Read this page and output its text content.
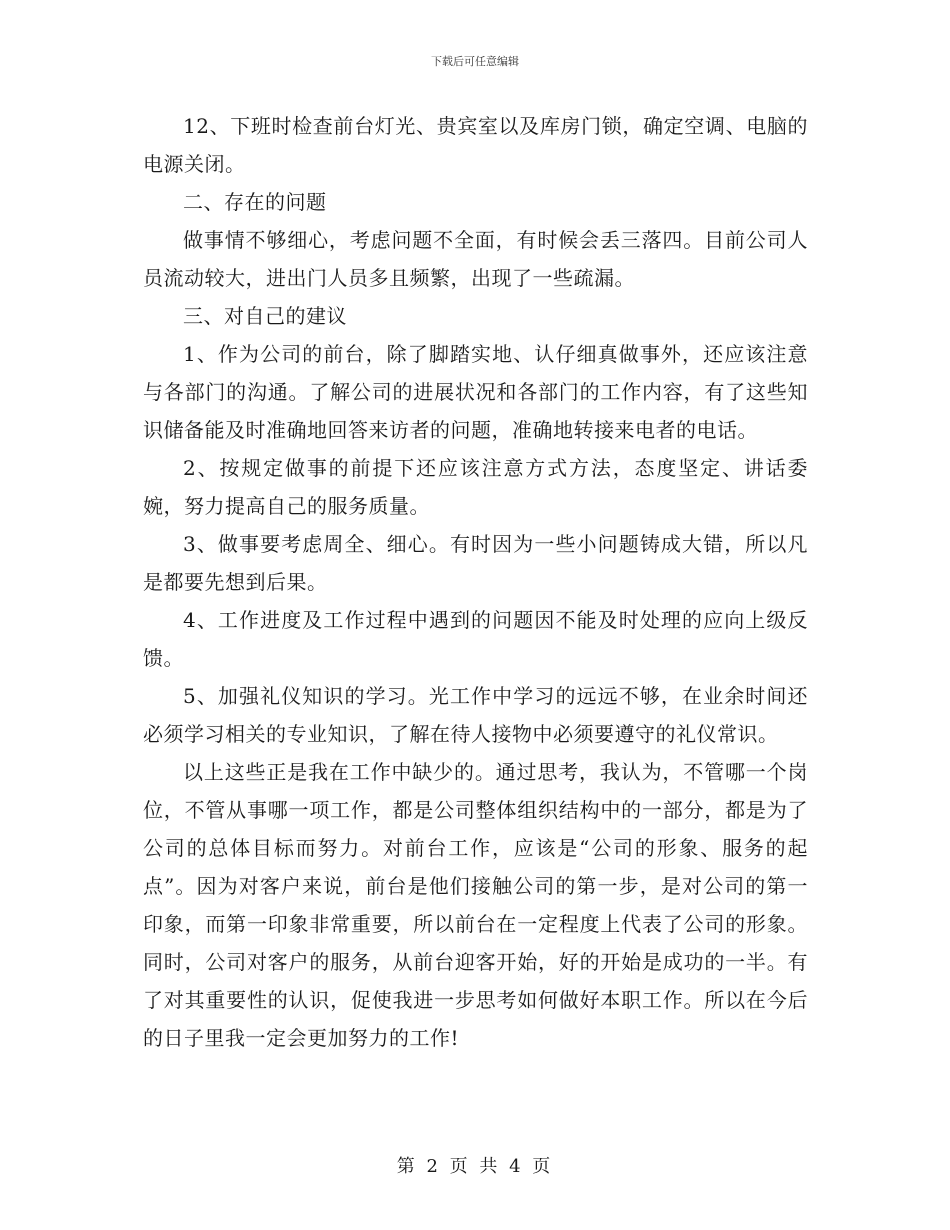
下载后可任意编辑

12、下班时检查前台灯光、贵宾室以及库房门锁，确定空调、电脑的电源关闭。

二、存在的问题

做事情不够细心，考虑问题不全面，有时候会丢三落四。目前公司人员流动较大，进出门人员多且频繁，出现了一些疏漏。

三、对自己的建议

1、作为公司的前台，除了脚踏实地、认仔细真做事外，还应该注意与各部门的沟通。了解公司的进展状况和各部门的工作内容，有了这些知识储备能及时准确地回答来访者的问题，准确地转接来电者的电话。

2、按规定做事的前提下还应该注意方式方法，态度坚定、讲话委婉，努力提高自己的服务质量。

3、做事要考虑周全、细心。有时因为一些小问题铸成大错，所以凡是都要先想到后果。

4、工作进度及工作过程中遇到的问题因不能及时处理的应向上级反馈。

5、加强礼仪知识的学习。光工作中学习的远远不够，在业余时间还必须学习相关的专业知识，了解在待人接物中必须要遵守的礼仪常识。

以上这些正是我在工作中缺少的。通过思考，我认为，不管哪一个岗位，不管从事哪一项工作，都是公司整体组织结构中的一部分，都是为了公司的总体目标而努力。对前台工作，应该是“公司的形象、服务的起点”。因为对客户来说，前台是他们接触公司的第一步，是对公司的第一印象，而第一印象非常重要，所以前台在一定程度上代表了公司的形象。同时，公司对客户的服务，从前台迎客开始，好的开始是成功的一半。有了对其重要性的认识，促使我进一步思考如何做好本职工作。所以在今后的日子里我一定会更加努力的工作!

第 2 页 共 4 页
